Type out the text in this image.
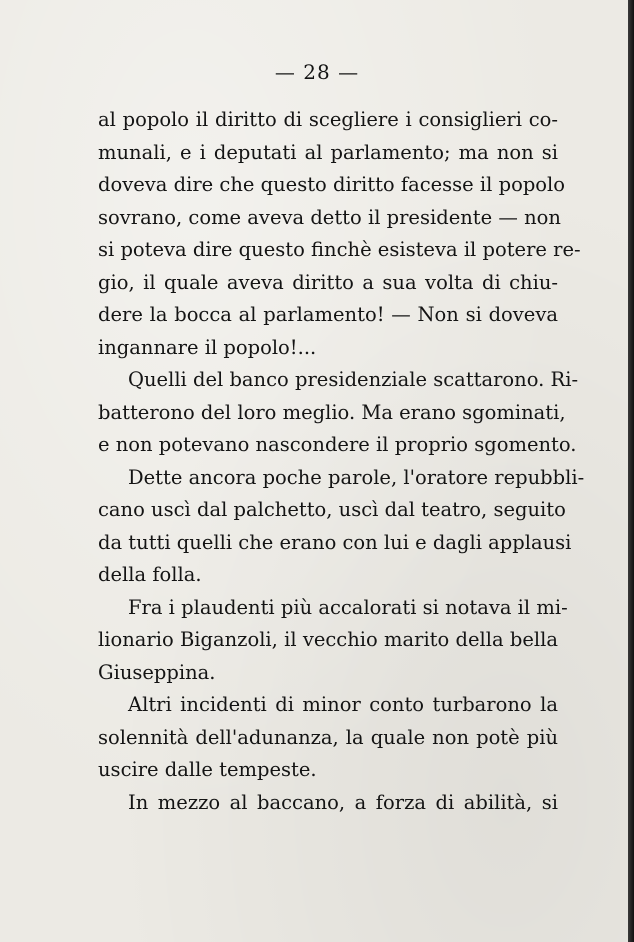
— 28 —
al popolo il diritto di scegliere i consiglieri co-
munali, e i deputati al parlamento; ma non si
doveva dire che questo diritto facesse il popolo
sovrano, come aveva detto il presidente — non
si poteva dire questo finchè esisteva il potere re-
gio, il quale aveva diritto a sua volta di chiu-
dere la bocca al parlamento! — Non si doveva
ingannare il popolo!...
Quelli del banco presidenziale scattarono. Ri-
batterono del loro meglio. Ma erano sgominati,
e non potevano nascondere il proprio sgomento.
Dette ancora poche parole, l'oratore repubbli-
cano uscì dal palchetto, uscì dal teatro, seguito
da tutti quelli che erano con lui e dagli applausi
della folla.
Fra i plaudenti più accalorati si notava il mi-
lionario Biganzoli, il vecchio marito della bella
Giuseppina.
Altri incidenti di minor conto turbarono la
solennità dell'adunanza, la quale non potè più
uscire dalle tempeste.
In mezzo al baccano, a forza di abilità, si
